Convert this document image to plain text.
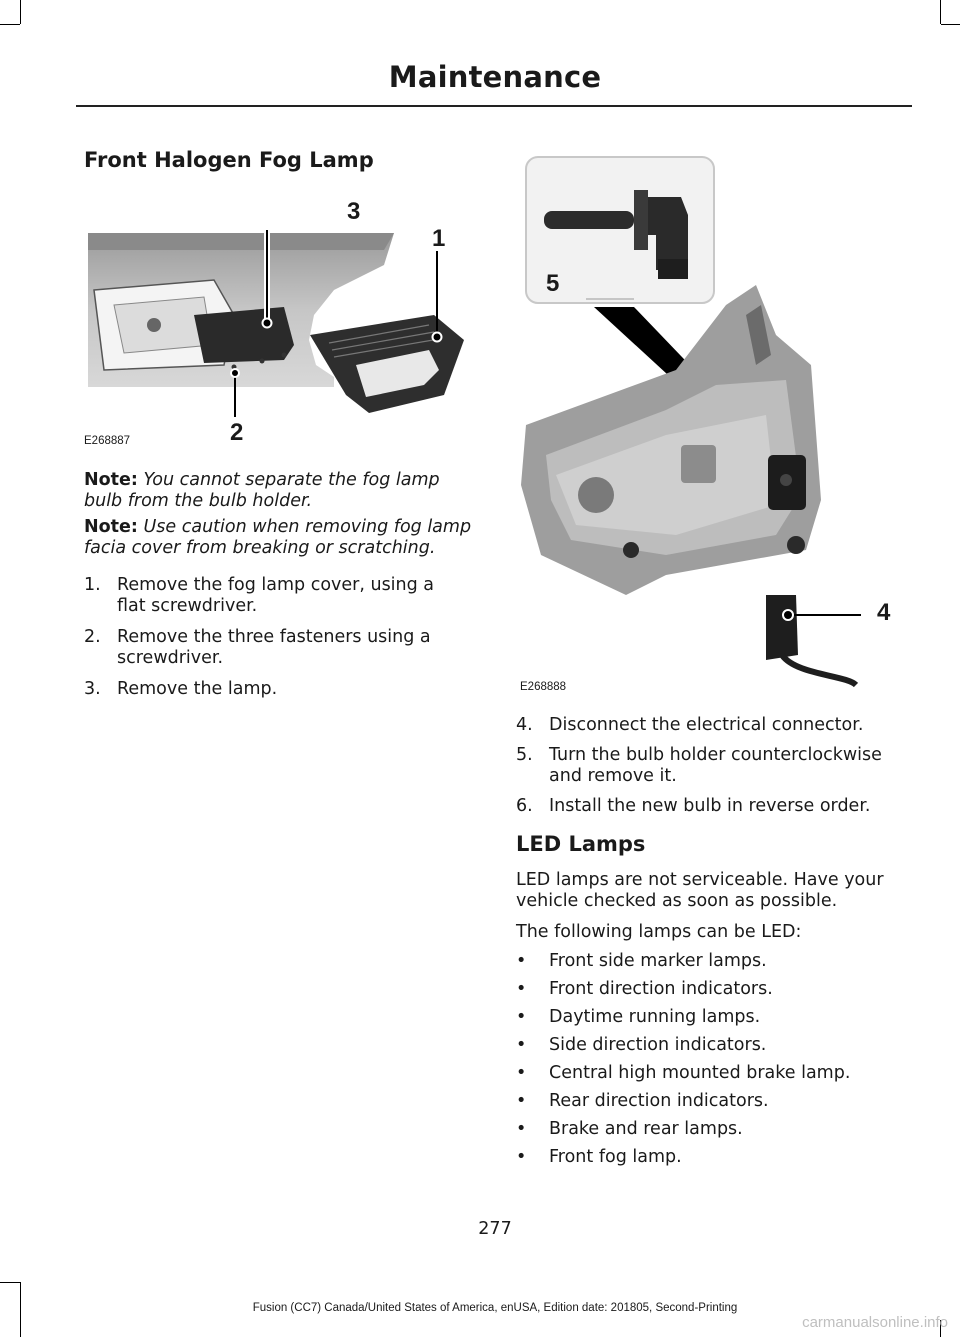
Maintenance
Front Halogen Fog Lamp
3
1
2
E268887
Note: You cannot separate the fog lamp bulb from the bulb holder.
Note: Use caution when removing fog lamp facia cover from breaking or scratching.
1. Remove the fog lamp cover, using a flat screwdriver.
2. Remove the three fasteners using a screwdriver.
3. Remove the lamp.
5
4
E268888
4. Disconnect the electrical connector.
5. Turn the bulb holder counterclockwise and remove it.
6. Install the new bulb in reverse order.
LED Lamps
LED lamps are not serviceable. Have your vehicle checked as soon as possible.
The following lamps can be LED:
•	Front side marker lamps.
•	Front direction indicators.
•	Daytime running lamps.
•	Side direction indicators.
•	Central high mounted brake lamp.
•	Rear direction indicators.
•	Brake and rear lamps.
•	Front fog lamp.
277
Fusion (CC7) Canada/United States of America, enUSA, Edition date: 201805, Second-Printing
carmanualsonline.info
